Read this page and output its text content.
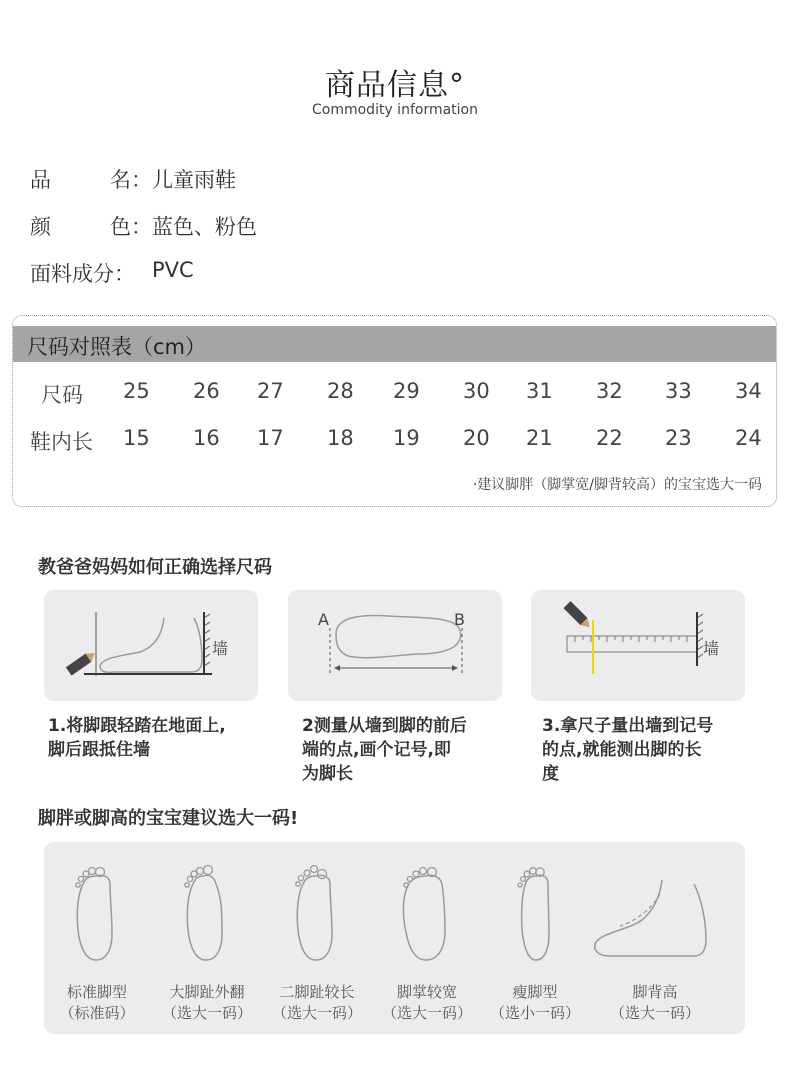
商品信息°
Commodity information
品	名： 儿童雨鞋
颜	色： 蓝色、粉色
面料成分： PVC
尺码对照表（cm）
尺码 25 26 27 28 29 30 31 32 33 34
鞋内长 15 16 17 18 19 20 21 22 23 24
·建议脚胖（脚掌宽/脚背较高）的宝宝选大一码
教爸爸妈妈如何正确选择尺码
墙
A	B
墙
1.将脚跟轻踏在地面上,
脚后跟抵住墙
2测量从墙到脚的前后
端的点,画个记号,即
为脚长
3.拿尺子量出墙到记号
的点,就能测出脚的长
度
脚胖或脚高的宝宝建议选大一码!
标准脚型
（标准码）
大脚趾外翻
（选大一码）
二脚趾较长
（选大一码）
脚掌较宽
（选大一码）
瘦脚型
（选小一码）
脚背高
（选大一码）
